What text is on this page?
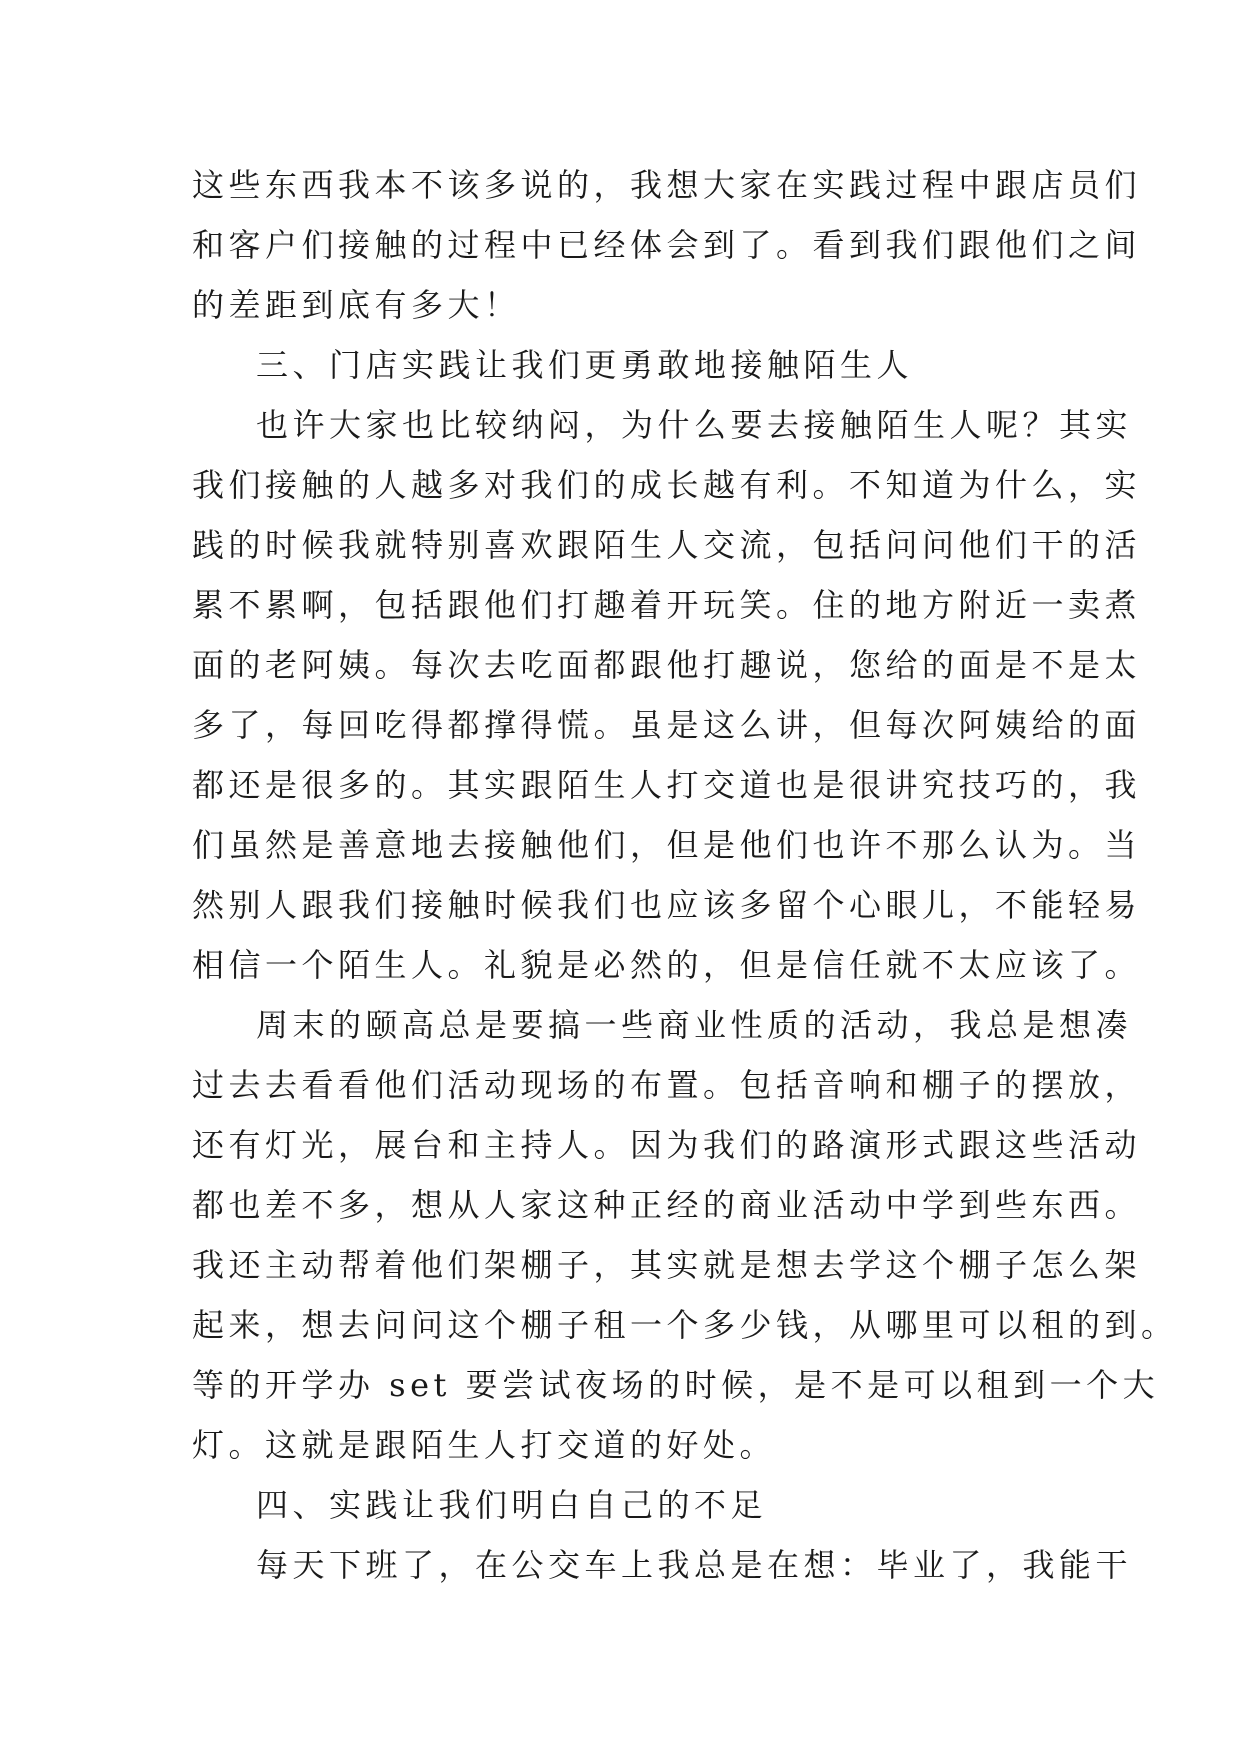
这些东西我本不该多说的，我想大家在实践过程中跟店员们
和客户们接触的过程中已经体会到了。看到我们跟他们之间
的差距到底有多大！
三、门店实践让我们更勇敢地接触陌生人
也许大家也比较纳闷，为什么要去接触陌生人呢？其实
我们接触的人越多对我们的成长越有利。不知道为什么，实
践的时候我就特别喜欢跟陌生人交流，包括问问他们干的活
累不累啊，包括跟他们打趣着开玩笑。住的地方附近一卖煮
面的老阿姨。每次去吃面都跟他打趣说，您给的面是不是太
多了，每回吃得都撑得慌。虽是这么讲，但每次阿姨给的面
都还是很多的。其实跟陌生人打交道也是很讲究技巧的，我
们虽然是善意地去接触他们，但是他们也许不那么认为。当
然别人跟我们接触时候我们也应该多留个心眼儿，不能轻易
相信一个陌生人。礼貌是必然的，但是信任就不太应该了。
周末的颐高总是要搞一些商业性质的活动，我总是想凑
过去去看看他们活动现场的布置。包括音响和棚子的摆放，
还有灯光，展台和主持人。因为我们的路演形式跟这些活动
都也差不多，想从人家这种正经的商业活动中学到些东西。
我还主动帮着他们架棚子，其实就是想去学这个棚子怎么架
起来，想去问问这个棚子租一个多少钱，从哪里可以租的到。
等的开学办 set 要尝试夜场的时候，是不是可以租到一个大
灯。这就是跟陌生人打交道的好处。
四、实践让我们明白自己的不足
每天下班了，在公交车上我总是在想：毕业了，我能干
